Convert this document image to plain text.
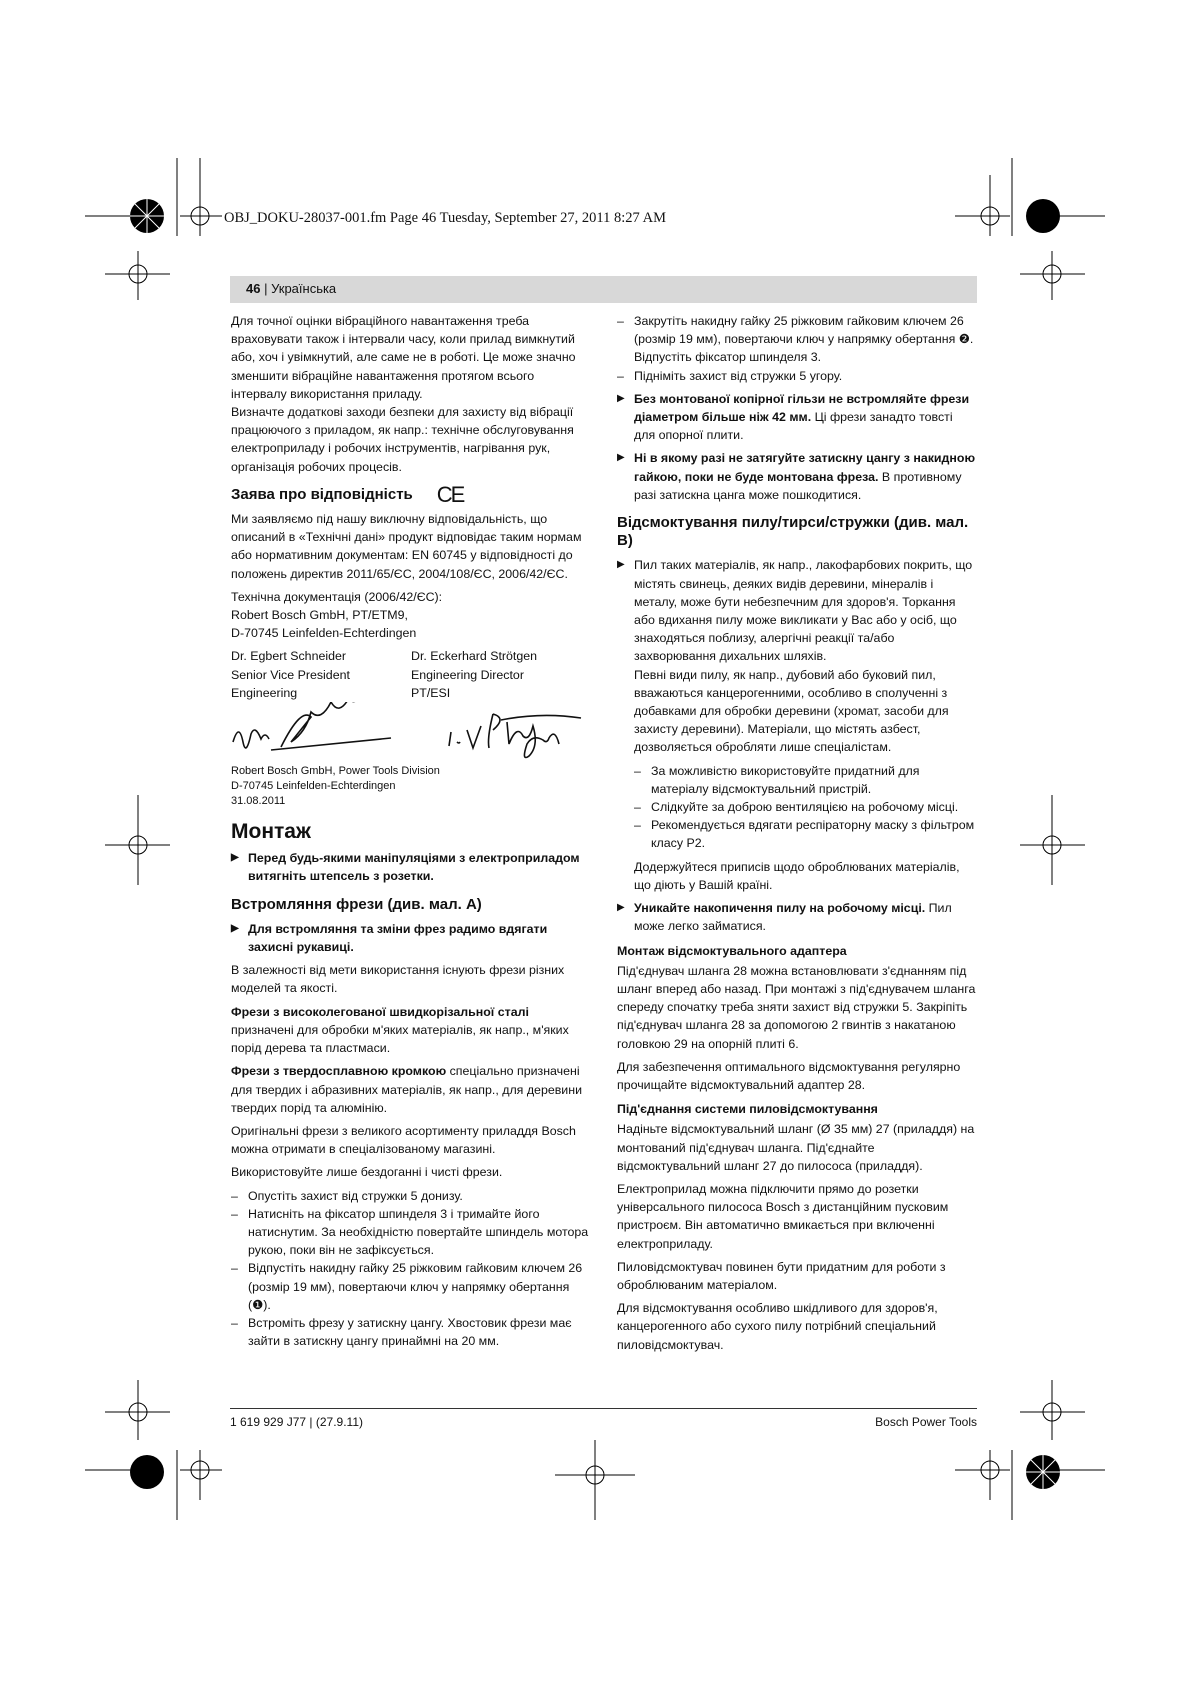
OBJ_DOKU-28037-001.fm Page 46 Tuesday, September 27, 2011 8:27 AM
46 | Українська

Для точної оцінки вібраційного навантаження треба враховувати також і інтервали часу, коли прилад вимкнутий або, хоч і увімкнутий, але саме не в роботі. Це може значно зменшити вібраційне навантаження протягом всього інтервалу використання приладу.

Визначте додаткові заходи безпеки для захисту від вібрації працюючого з приладом, як напр.: технічне обслуговування електроприладу і робочих інструментів, нагрівання рук, організація робочих процесів.

Заява про відповідність CE

Ми заявляємо під нашу виключну відповідальність, що описаний в «Технічні дані» продукт відповідає таким нормам або нормативним документам: EN 60745 у відповідності до положень директив 2011/65/ЄС, 2004/108/ЄС, 2006/42/ЄС.

Технічна документація (2006/42/ЄС):

Robert Bosch GmbH, PT/ETM9,

D-70745 Leinfelden-Echterdingen

Dr. Egbert Schneider

Senior Vice President

Engineering

Dr. Eckerhard Strötgen

Engineering Director

PT/ESI

Robert Bosch GmbH, Power Tools Division

D-70745 Leinfelden-Echterdingen

31.08.2011

Монтаж

▶ Перед будь-якими маніпуляціями з електроприладом витягніть штепсель з розетки.

Встромляння фрези (див. мал. A)

▶ Для встромляння та зміни фрез радимо вдягати захисні рукавиці.

В залежності від мети використання існують фрези різних моделей та якості.

Фрези з високолегованої швидкорізальної сталі призначені для обробки м'яких матеріалів, як напр., м'яких порід дерева та пластмаси.

Фрези з твердосплавною кромкою спеціально призначені для твердих і абразивних матеріалів, як напр., для деревини твердих порід та алюмінію.

Оригінальні фрези з великого асортименту приладдя Bosch можна отримати в спеціалізованому магазині.

Використовуйте лише бездоганні і чисті фрези.

– Опустіть захист від стружки 5 донизу.

– Натисніть на фіксатор шпинделя 3 і тримайте його натиснутим. За необхідністю повертайте шпиндель мотора рукою, поки він не зафіксується.

– Відпустіть накидну гайку 25 ріжковим гайковим ключем 26 (розмір 19 мм), повертаючи ключ у напрямку обертання (❶).

– Встроміть фрезу у затискну цангу. Хвостовик фрези має зайти в затискну цангу принаймні на 20 мм.

– Закрутіть накидну гайку 25 ріжковим гайковим ключем 26 (розмір 19 мм), повертаючи ключ у напрямку обертання ❷. Відпустіть фіксатор шпинделя 3.

– Підніміть захист від стружки 5 угору.

▶ Без монтованої копірної гільзи не встромляйте фрези діаметром більше ніж 42 мм. Ці фрези занадто товсті для опорної плити.

▶ Ні в якому разі не затягуйте затискну цангу з накидною гайкою, поки не буде монтована фреза. В противному разі затискна цанга може пошкодитися.

Відсмоктування пилу/тирси/стружки (див. мал. B)

▶ Пил таких матеріалів, як напр., лакофарбових покрить, що містять свинець, деяких видів деревини, мінералів і металу, може бути небезпечним для здоров'я. Торкання або вдихання пилу може викликати у Вас або у осіб, що знаходяться поблизу, алергічні реакції та/або захворювання дихальних шляхів.

Певні види пилу, як напр., дубовий або буковий пил, вважаються канцерогенними, особливо в сполученні з добавками для обробки деревини (хромат, засоби для захисту деревини). Матеріали, що містять азбест, дозволяється обробляти лише спеціалістам.

– За можливістю використовуйте придатний для матеріалу відсмоктувальний пристрій.

– Слідкуйте за доброю вентиляцією на робочому місці.

– Рекомендується вдягати респіраторну маску з фільтром класу P2.

Додержуйтеся приписів щодо оброблюваних матеріалів, що діють у Вашій країні.

▶ Уникайте накопичення пилу на робочому місці. Пил може легко займатися.

Монтаж відсмоктувального адаптера

Під'єднувач шланга 28 можна встановлювати з'єднанням під шланг вперед або назад. При монтажі з під'єднувачем шланга спереду спочатку треба зняти захист від стружки 5. Закріпіть під'єднувач шланга 28 за допомогою 2 гвинтів з накатаною головкою 29 на опорній плиті 6.

Для забезпечення оптимального відсмоктування регулярно прочищайте відсмоктувальний адаптер 28.

Під'єднання системи пиловідсмоктування

Надіньте відсмоктувальний шланг (Ø 35 мм) 27 (приладдя) на монтований під'єднувач шланга. Під'єднайте відсмоктувальний шланг 27 до пилососа (приладдя).

Електроприлад можна підключити прямо до розетки універсального пилососа Bosch з дистанційним пусковим пристроєм. Він автоматично вмикається при включенні електроприладу.

Пиловідсмоктувач повинен бути придатним для роботи з оброблюваним матеріалом.

Для відсмоктування особливо шкідливого для здоров'я, канцерогенного або сухого пилу потрібний спеціальний пиловідсмоктувач.

1 619 929 J77 | (27.9.11)	Bosch Power Tools
